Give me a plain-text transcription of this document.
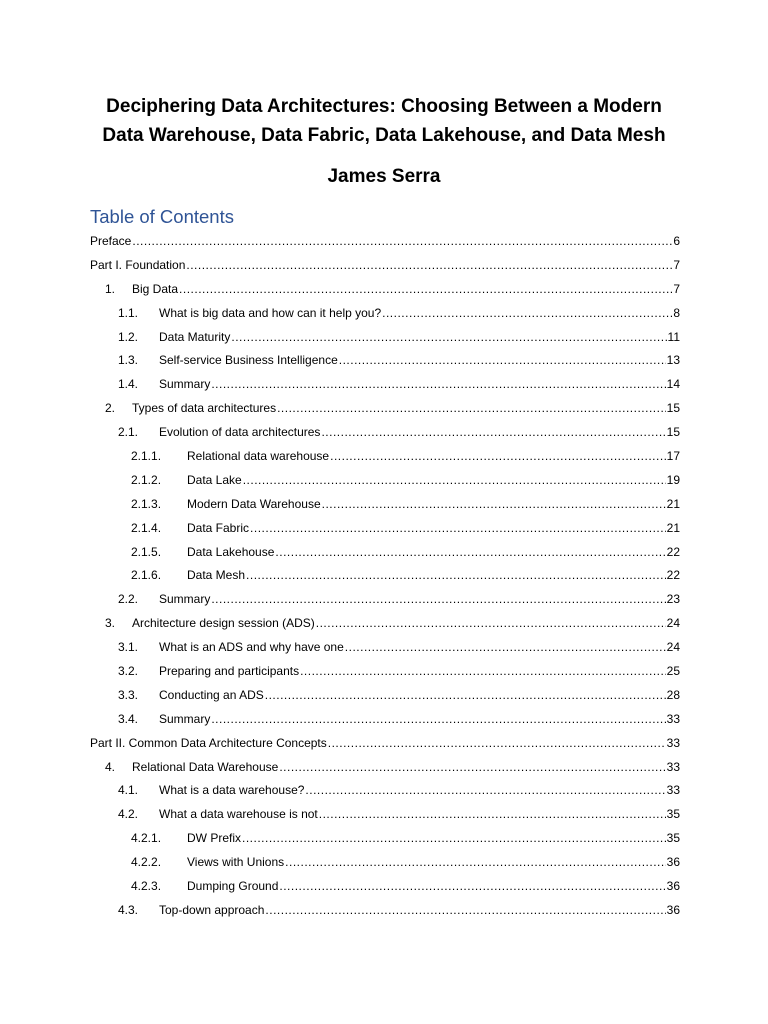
Deciphering Data Architectures: Choosing Between a Modern
Data Warehouse, Data Fabric, Data Lakehouse, and Data Mesh

James Serra

Table of Contents
Preface .....	6
Part I. Foundation .....	7
1.	Big Data .....	7
1.1.	What is big data and how can it help you? .....	8
1.2.	Data Maturity .....	11
1.3.	Self-service Business Intelligence .....	13
1.4.	Summary .....	14
2.	Types of data architectures .....	15
2.1.	Evolution of data architectures .....	15
2.1.1.	Relational data warehouse .....	17
2.1.2.	Data Lake .....	19
2.1.3.	Modern Data Warehouse .....	21
2.1.4.	Data Fabric .....	21
2.1.5.	Data Lakehouse .....	22
2.1.6.	Data Mesh .....	22
2.2.	Summary .....	23
3.	Architecture design session (ADS) .....	24
3.1.	What is an ADS and why have one .....	24
3.2.	Preparing and participants .....	25
3.3.	Conducting an ADS .....	28
3.4.	Summary .....	33
Part II. Common Data Architecture Concepts .....	33
4.	Relational Data Warehouse .....	33
4.1.	What is a data warehouse? .....	33
4.2.	What a data warehouse is not .....	35
4.2.1.	DW Prefix .....	35
4.2.2.	Views with Unions .....	36
4.2.3.	Dumping Ground .....	36
4.3.	Top-down approach .....	36
